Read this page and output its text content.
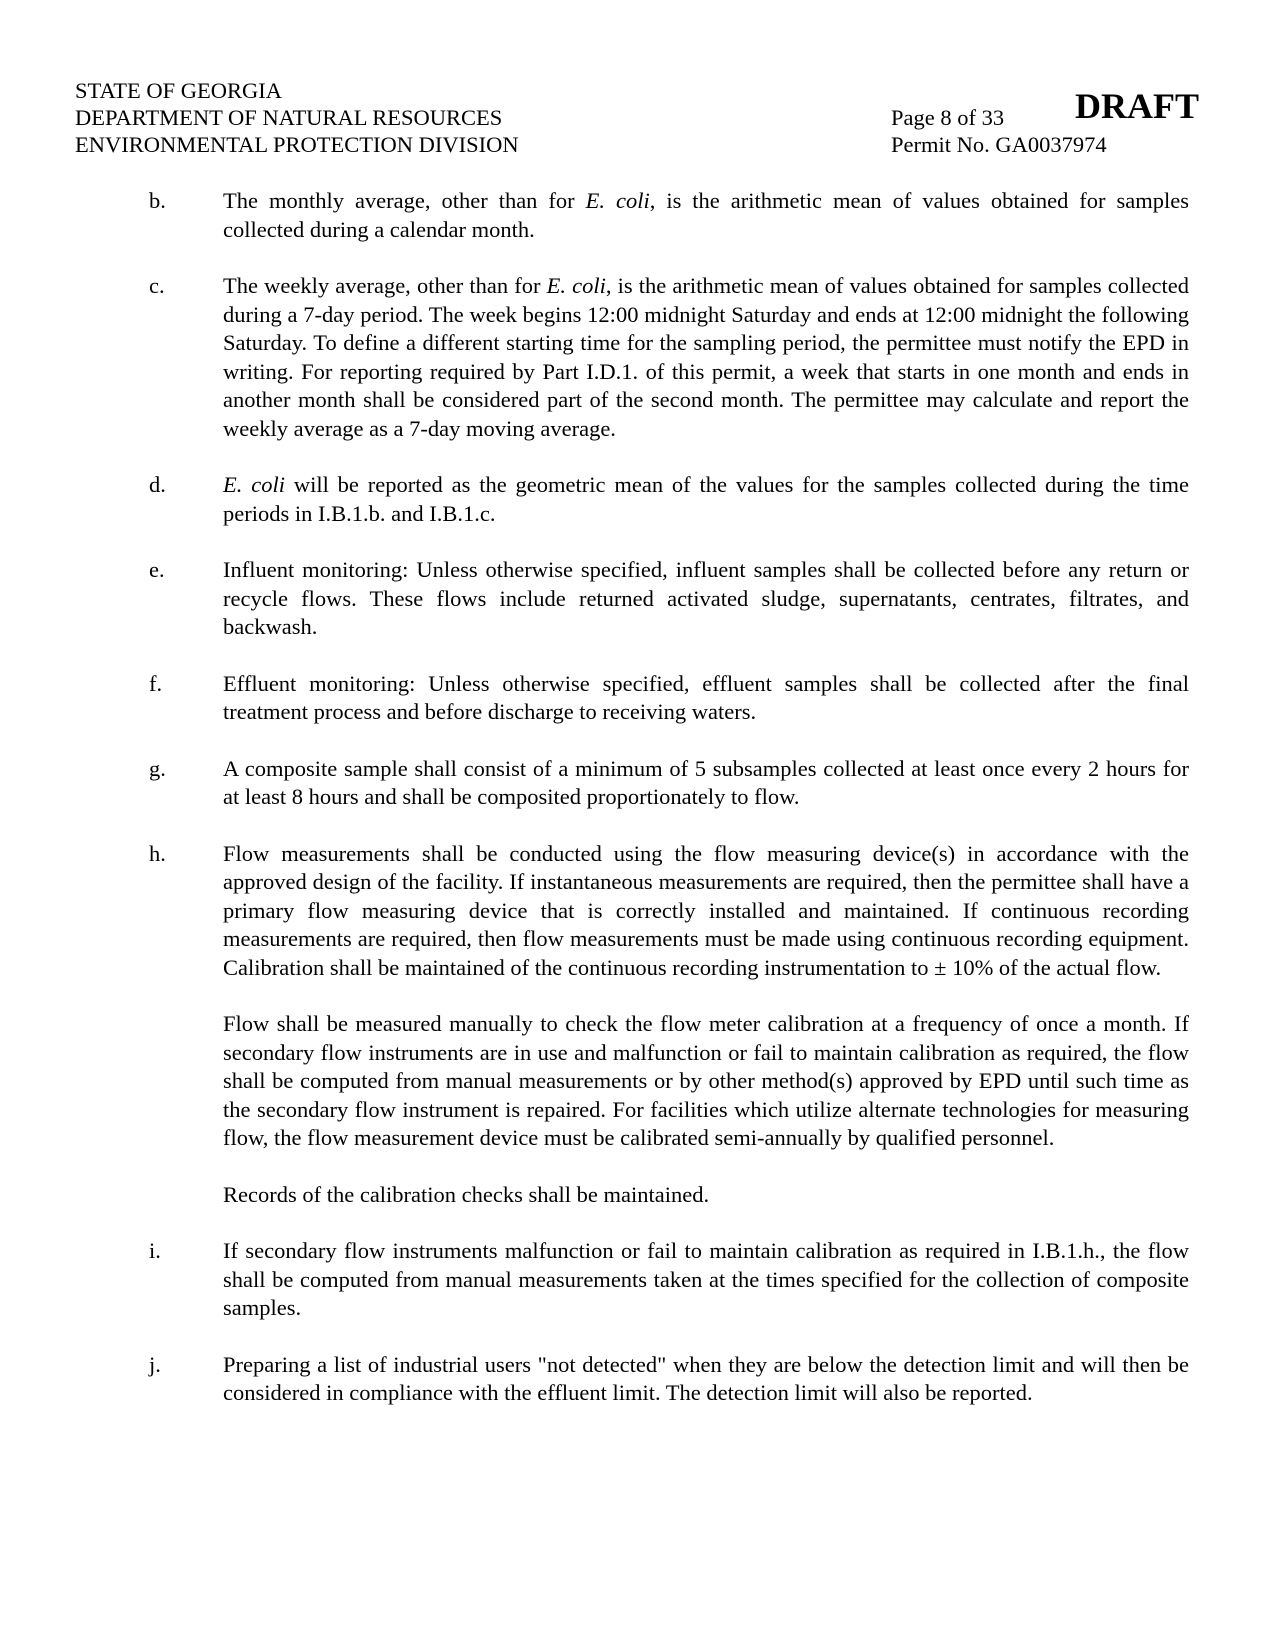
STATE OF GEORGIA
DEPARTMENT OF NATURAL RESOURCES
ENVIRONMENTAL PROTECTION DIVISION
Page 8 of 33
Permit No. GA0037974
DRAFT
b.	The monthly average, other than for E. coli, is the arithmetic mean of values obtained for samples collected during a calendar month.
c.	The weekly average, other than for E. coli, is the arithmetic mean of values obtained for samples collected during a 7-day period. The week begins 12:00 midnight Saturday and ends at 12:00 midnight the following Saturday. To define a different starting time for the sampling period, the permittee must notify the EPD in writing. For reporting required by Part I.D.1. of this permit, a week that starts in one month and ends in another month shall be considered part of the second month. The permittee may calculate and report the weekly average as a 7-day moving average.
d.	E. coli will be reported as the geometric mean of the values for the samples collected during the time periods in I.B.1.b. and I.B.1.c.
e.	Influent monitoring: Unless otherwise specified, influent samples shall be collected before any return or recycle flows. These flows include returned activated sludge, supernatants, centrates, filtrates, and backwash.
f.	Effluent monitoring: Unless otherwise specified, effluent samples shall be collected after the final treatment process and before discharge to receiving waters.
g.	A composite sample shall consist of a minimum of 5 subsamples collected at least once every 2 hours for at least 8 hours and shall be composited proportionately to flow.
h.	Flow measurements shall be conducted using the flow measuring device(s) in accordance with the approved design of the facility. If instantaneous measurements are required, then the permittee shall have a primary flow measuring device that is correctly installed and maintained. If continuous recording measurements are required, then flow measurements must be made using continuous recording equipment. Calibration shall be maintained of the continuous recording instrumentation to ± 10% of the actual flow.
Flow shall be measured manually to check the flow meter calibration at a frequency of once a month. If secondary flow instruments are in use and malfunction or fail to maintain calibration as required, the flow shall be computed from manual measurements or by other method(s) approved by EPD until such time as the secondary flow instrument is repaired. For facilities which utilize alternate technologies for measuring flow, the flow measurement device must be calibrated semi-annually by qualified personnel.
Records of the calibration checks shall be maintained.
i.	If secondary flow instruments malfunction or fail to maintain calibration as required in I.B.1.h., the flow shall be computed from manual measurements taken at the times specified for the collection of composite samples.
j.	Preparing a list of industrial users "not detected" when they are below the detection limit and will then be considered in compliance with the effluent limit. The detection limit will also be reported.
